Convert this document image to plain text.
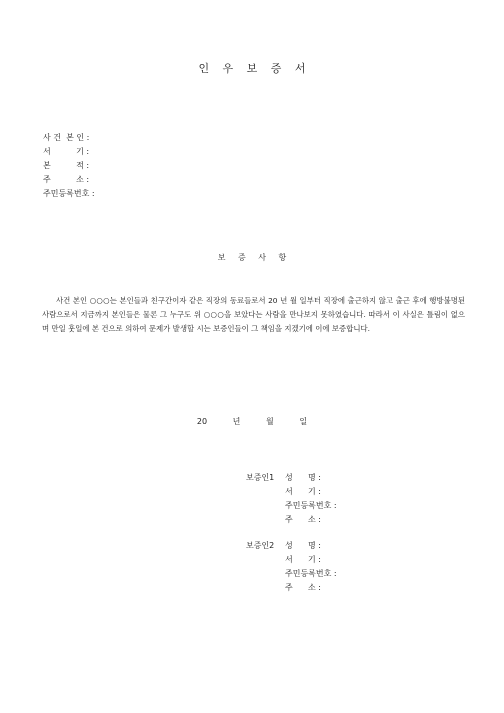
인 우 보 증 서
사 건  본 인 :
서          기 :
본          적 :
주          소 :
주민등록번호 :
보 증 사 항
사건 본인 ○○○는 본인들과 친구간이자 같은 직장의 동료들로서 20 년 월 일부터 직장에 출근하지 않고 출근 후에 행방불명된 사람으로서 지금까지 본인들은 물론 그 누구도 위 ○○○을 보았다는 사람을 만나보지 못하였습니다. 따라서 이 사실은 틀림이 없으며 만일 훗일에 본 건으로 의하여 문제가 발생할 시는 보증인들이 그 책임을 지겠기에 이에 보증합니다.
20   년   월   일
보증인1 성      명 :
서      기 :
주민등록번호 :
주      소 :
보증인2 성      명 :
서      기 :
주민등록번호 :
주      소 :
